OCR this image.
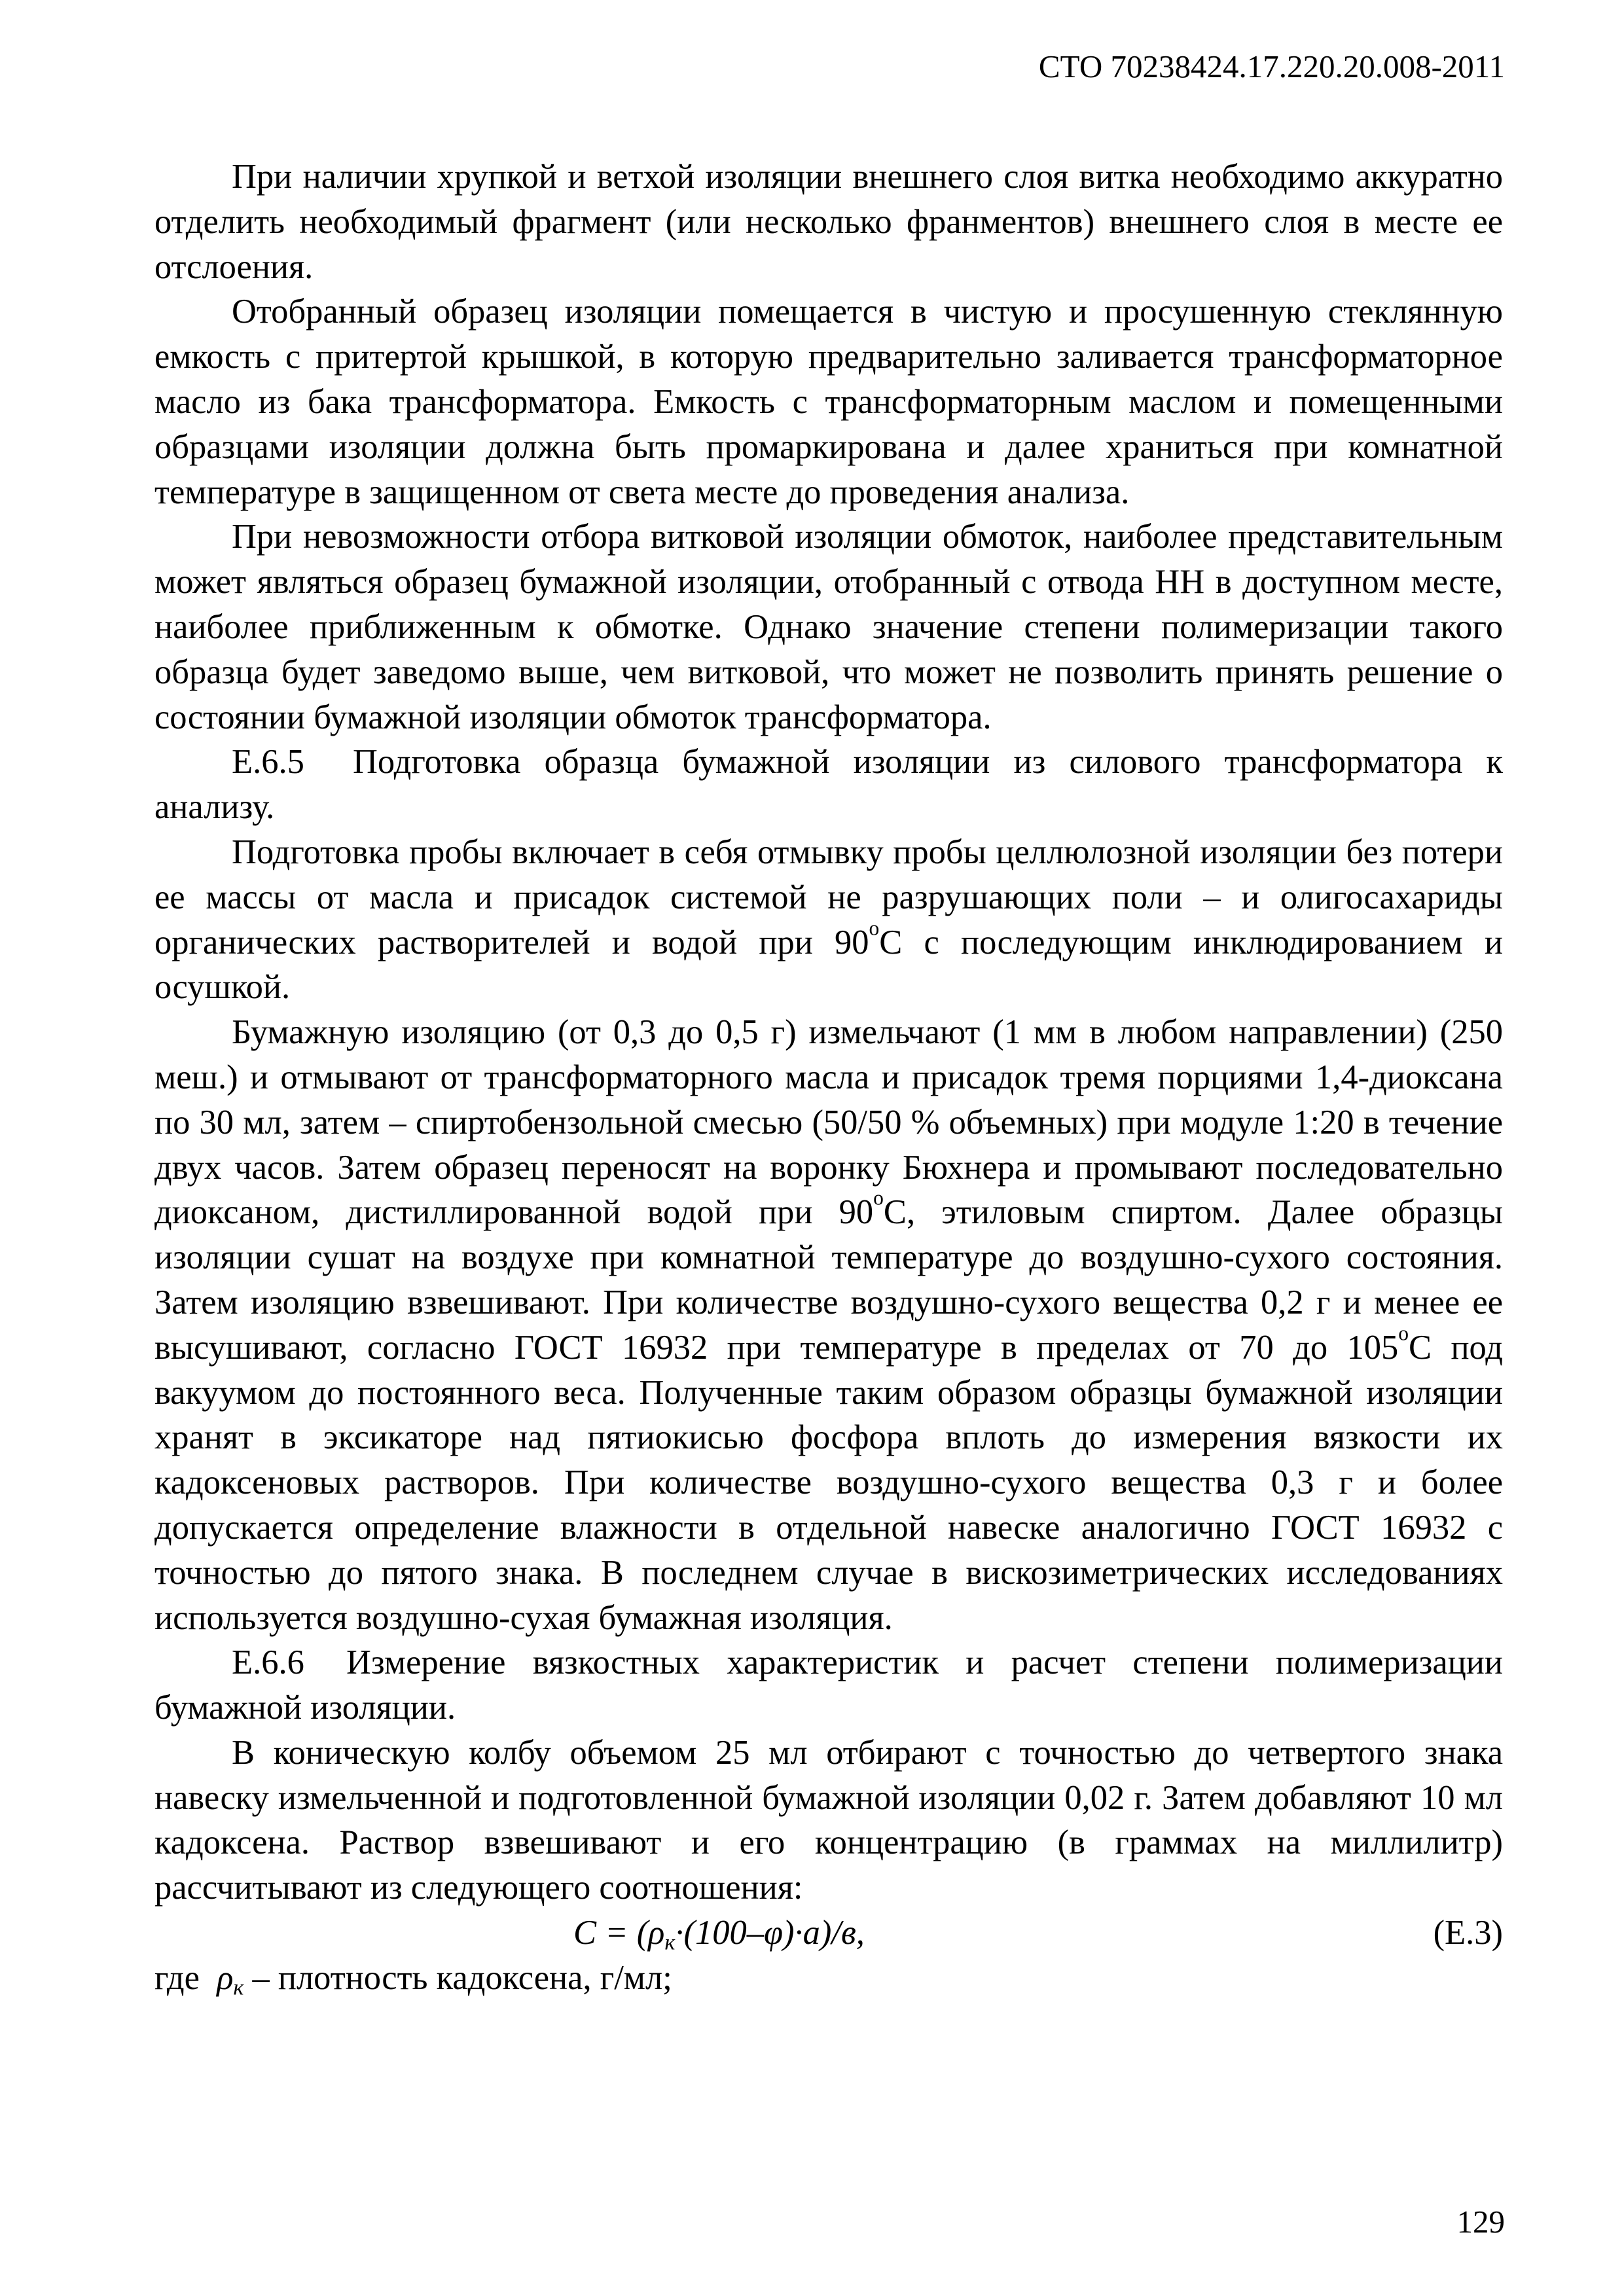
СТО 70238424.17.220.20.008-2011

При наличии хрупкой и ветхой изоляции внешнего слоя витка необходимо аккуратно отделить необходимый фрагмент (или несколько франментов) внешнего слоя в месте ее отслоения.

Отобранный образец изоляции помещается в чистую и просушенную стеклянную емкость с притертой крышкой, в которую предварительно заливается трансформаторное масло из бака трансформатора. Емкость с трансформаторным маслом и помещенными образцами изоляции должна быть промаркирована и далее храниться при комнатной температуре в защищенном от света месте до проведения анализа.

При невозможности отбора витковой изоляции обмоток, наиболее представительным может являться образец бумажной изоляции, отобранный с отвода НН в доступном месте, наиболее приближенным к обмотке. Однако значение степени полимеризации такого образца будет заведомо выше, чем витковой, что может не позволить принять решение о состоянии бумажной изоляции обмоток трансформатора.

Е.6.5 Подготовка образца бумажной изоляции из силового трансформатора к анализу.

Подготовка пробы включает в себя отмывку пробы целлюлозной изоляции без потери ее массы от масла и присадок системой не разрушающих поли – и олигосахариды органических растворителей и водой при $90^оС$ с последующим инклюдированием и осушкой.

Бумажную изоляцию (от 0,3 до 0,5 г) измельчают (1 мм в любом направлении) (250 меш.) и отмывают от трансформаторного масла и присадок тремя порциями 1,4-диоксана по 30 мл, затем – спиртобензольной смесью (50/50 % объемных) при модуле 1:20 в течение двух часов. Затем образец переносят на воронку Бюхнера и промывают последовательно диоксаном, дистиллированной водой при $90^оС$, этиловым спиртом. Далее образцы изоляции сушат на воздухе при комнатной температуре до воздушно-сухого состояния. Затем изоляцию взвешивают. При количестве воздушно-сухого вещества 0,2 г и менее ее высушивают, согласно ГОСТ 16932 при температуре в пределах от 70 до $105^оС$ под вакуумом до постоянного веса. Полученные таким образом образцы бумажной изоляции хранят в эксикаторе над пятиокисью фосфора вплоть до измерения вязкости их кадоксеновых растворов. При количестве воздушно-сухого вещества 0,3 г и более допускается определение влажности в отдельной навеске аналогично ГОСТ 16932 с точностью до пятого знака. В последнем случае в вискозиметрических исследованиях используется воздушно-сухая бумажная изоляция.

Е.6.6 Измерение вязкостных характеристик и расчет степени полимеризации бумажной изоляции.

В коническую колбу объемом 25 мл отбирают с точностью до четвертого знака навеску измельченной и подготовленной бумажной изоляции 0,02 г. Затем добавляют 10 мл кадоксена. Раствор взвешивают и его концентрацию (в граммах на миллилитр) рассчитывают из следующего соотношения:

$C = (\rho_к\cdot(100-\varphi)\cdot а)/в$,	(Е.3)
где $\rho_к$ – плотность кадоксена, г/мл;
129
